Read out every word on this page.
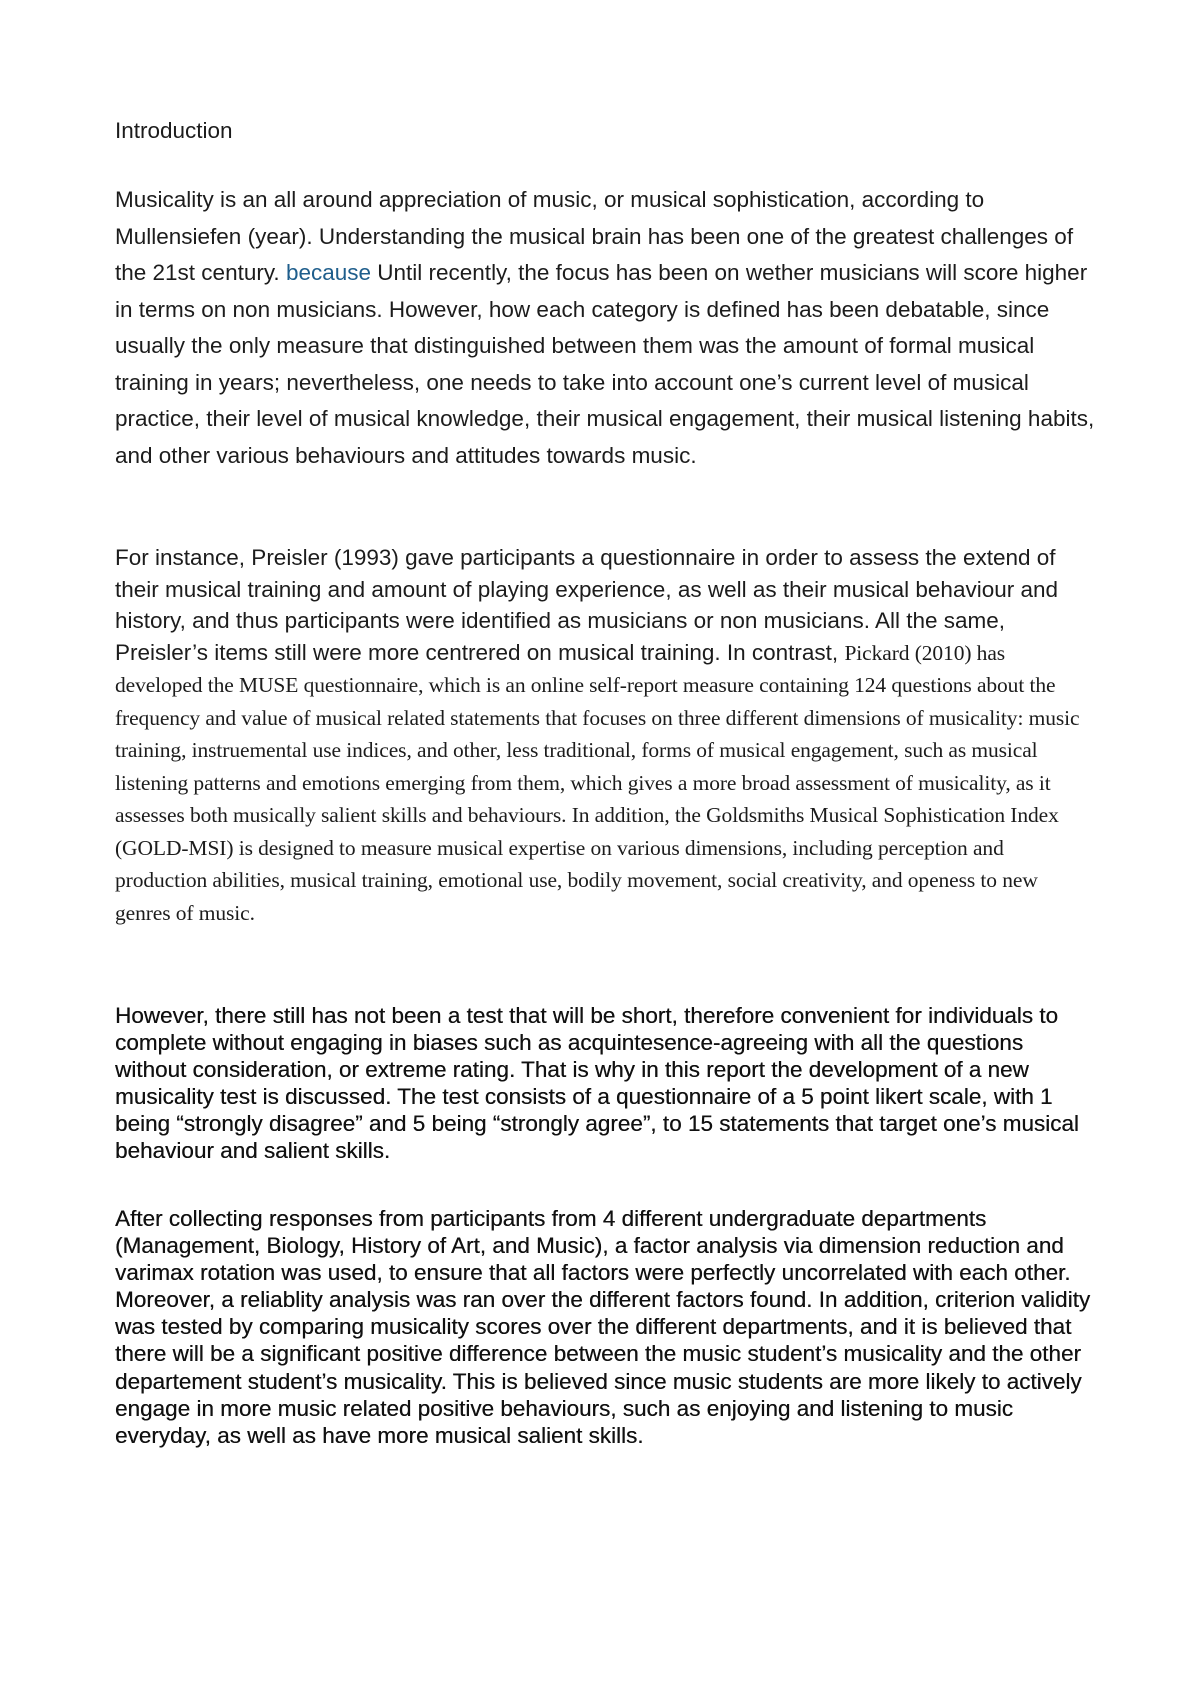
Introduction

Musicality is an all around appreciation of music, or musical sophistication, according to Mullensiefen (year). Understanding the musical brain has been one of the greatest challenges of the 21st century. because Until recently, the focus has been on wether musicians will score higher in terms on non musicians. However, how each category is defined has been debatable, since usually the only measure that distinguished between them was the amount of formal musical training in years; nevertheless, one needs to take into account one’s current level of musical practice, their level of musical knowledge, their musical engagement, their musical listening habits, and other various behaviours and attitudes towards music.

For instance, Preisler (1993) gave participants a questionnaire in order to assess the extend of their musical training and amount of playing experience, as well as their musical behaviour and history, and thus participants were identified as musicians or non musicians. All the same, Preisler’s items still were more centrered on musical training. In contrast, Pickard (2010) has developed the MUSE questionnaire, which is an online self-report measure containing 124 questions about the frequency and value of musical related statements that focuses on three different dimensions of musicality: music training, instruemental use indices, and other, less traditional, forms of musical engagement, such as musical listening patterns and emotions emerging from them, which gives a more broad assessment of musicality, as it assesses both musically salient skills and behaviours. In addition, the Goldsmiths Musical Sophistication Index (GOLD-MSI) is designed to measure musical expertise on various dimensions, including perception and production abilities, musical training, emotional use, bodily movement, social creativity, and openess to new genres of music.

However, there still has not been a test that will be short, therefore convenient for individuals to complete without engaging in biases such as acquintesence-agreeing with all the questions without consideration, or extreme rating. That is why in this report the development of a new musicality test is discussed. The test consists of a questionnaire of a 5 point likert scale, with 1 being “strongly disagree” and 5 being “strongly agree”, to 15 statements that target one’s musical behaviour and salient skills.

After collecting responses from participants from 4 different undergraduate departments (Management, Biology, History of Art, and Music), a factor analysis via dimension reduction and varimax rotation was used, to ensure that all factors were perfectly uncorrelated with each other. Moreover, a reliablity analysis was ran over the different factors found. In addition, criterion validity was tested by comparing musicality scores over the different departments, and it is believed that there will be a significant positive difference between the music student’s musicality and the other departement student’s musicality. This is believed since music students are more likely to actively engage in more music related positive behaviours, such as enjoying and listening to music everyday, as well as have more musical salient skills.
